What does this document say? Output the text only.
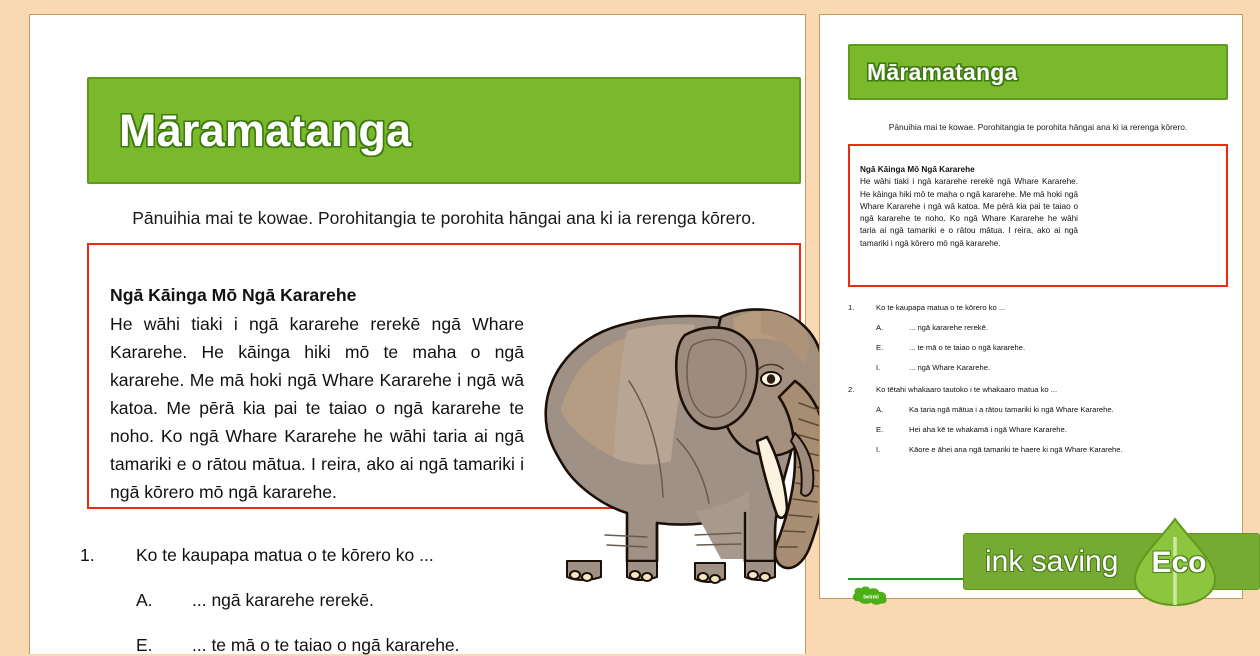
Māramatanga
Pānuihia mai te kowae. Porohitangia te porohita hāngai ana ki ia rerenga kōrero.
Ngā Kāinga Mō Ngā Kararehe
He wāhi tiaki i ngā kararehe rerekē ngā Whare Kararehe. He kāinga hiki mō te maha o ngā kararehe. Me mā hoki ngā Whare Kararehe i ngā wā katoa. Me pērā kia pai te taiao o ngā kararehe te noho. Ko ngā Whare Kararehe he wāhi taria ai ngā tamariki e o rātou mātua. I reira, ako ai ngā tamariki i ngā kōrero mō ngā kararehe.
1.	Ko te kaupapa matua o te kōrero ko ...
A.	... ngā kararehe rerekē.
E.	... te mā o te taiao o ngā kararehe.
Māramatanga
Pānuihia mai te kowae. Porohitangia te porohita hāngai ana ki ia rerenga kōrero.
Ngā Kāinga Mō Ngā Kararehe
He wāhi tiaki i ngā kararehe rerekē ngā Whare Kararehe. He kāinga hiki mō te maha o ngā kararehe. Me mā hoki ngā Whare Kararehe i ngā wā katoa. Me pērā kia pai te taiao o ngā kararehe te noho. Ko ngā Whare Kararehe he wāhi taria ai ngā tamariki e o rātou mātua. I reira, ako ai ngā tamariki i ngā kōrero mō ngā kararehe.
1.	Ko te kaupapa matua o te kōrero ko ...
A.	... ngā kararehe rerekē.
E.	... te mā o te taiao o ngā kararehe.
I.	... ngā Whare Kararehe.
2.	Ko tētahi whakaaro tautoko i te whakaaro matua ko ...
A.	Ka taria ngā mātua i a rātou tamariki ki ngā Whare Kararehe.
E.	Hei aha kē te whakamā i ngā Whare Kararehe.
I.	Kāore e āhei ana ngā tamariki te haere ki ngā Whare Kararehe.
twinkl
ink saving Eco
